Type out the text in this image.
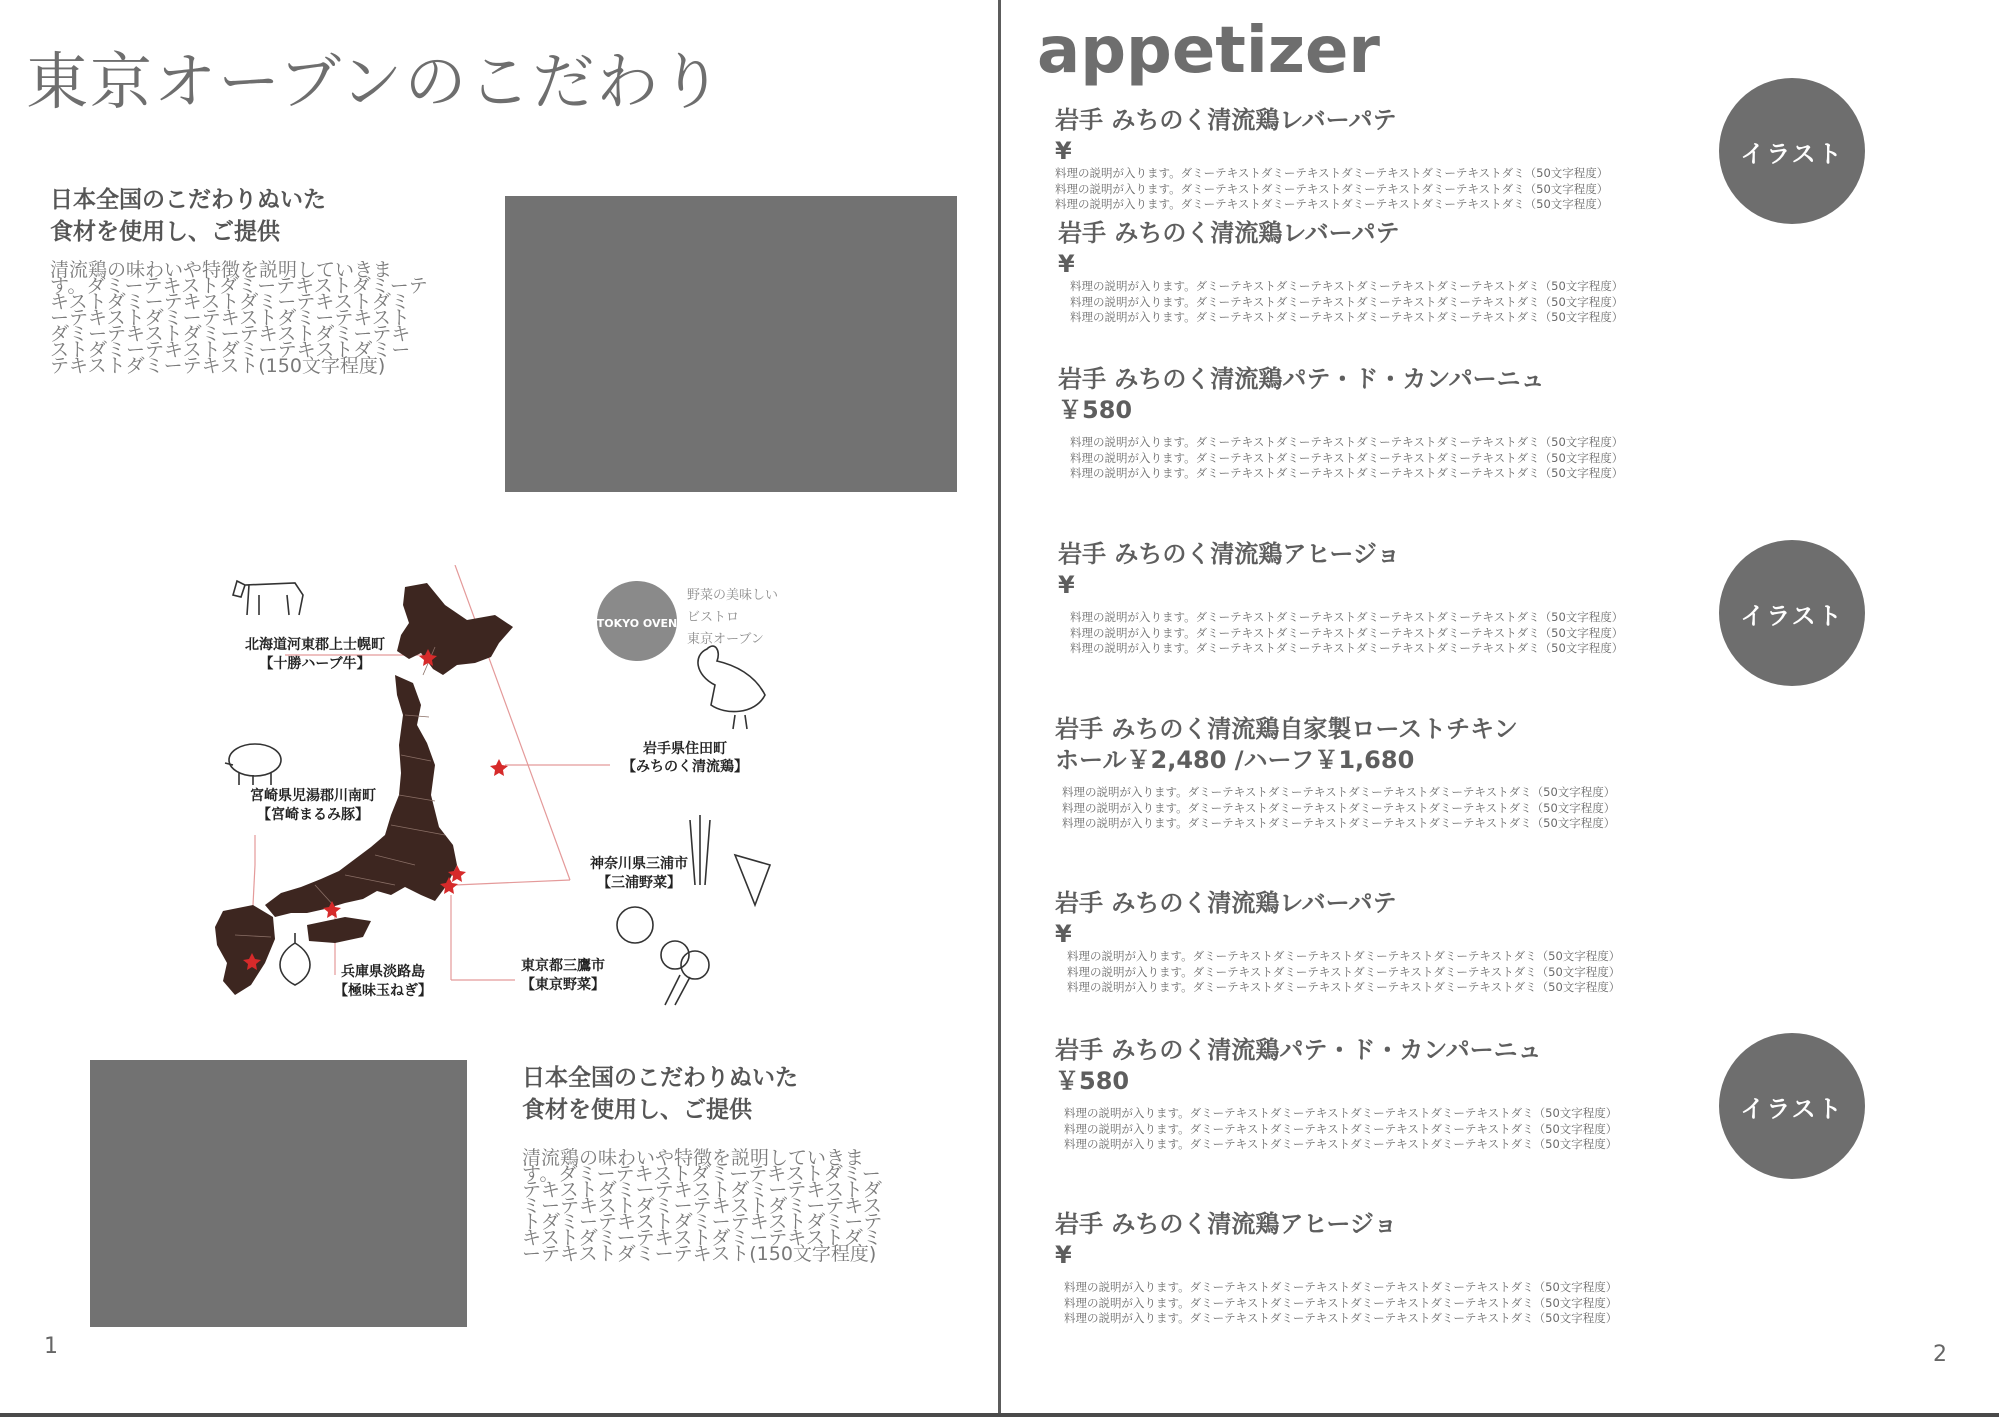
東京オーブンのこだわり
日本全国のこだわりぬいた
食材を使用し、ご提供
清流鶏の味わいや特徴を説明していきます。ダミーテキストダミーテキストダミーテキストダミーテキストダミーテキストダミーテキストダミーテキストダミーテキストダミーテキストダミーテキストダミーテキストダミーテキストダミーテキストダミーテキストダミーテキスト(150文字程度)
TOKYO OVEN
野菜の美味しい
ビストロ
東京オーブン
北海道河東郡上士幌町
【十勝ハーブ牛】
岩手県住田町
【みちのく清流鶏】
宮崎県児湯郡川南町
【宮崎まるみ豚】
神奈川県三浦市
【三浦野菜】
兵庫県淡路島
【極味玉ねぎ】
東京都三鷹市
【東京野菜】
日本全国のこだわりぬいた
食材を使用し、ご提供
清流鶏の味わいや特徴を説明していきます。ダミーテキストダミーテキストダミーテキストダミーテキストダミーテキストダミーテキストダミーテキストダミーテキストダミーテキストダミーテキストダミーテキストダミーテキストダミーテキストダミーテキストダミーテキスト(150文字程度)
1
appetizer
岩手 みちのく清流鶏レバーパテ
¥
料理の説明が入ります。ダミーテキストダミーテキストダミーテキストダミーテキストダミ（50文字程度）
料理の説明が入ります。ダミーテキストダミーテキストダミーテキストダミーテキストダミ（50文字程度）
料理の説明が入ります。ダミーテキストダミーテキストダミーテキストダミーテキストダミ（50文字程度）
岩手 みちのく清流鶏レバーパテ
¥
料理の説明が入ります。ダミーテキストダミーテキストダミーテキストダミーテキストダミ（50文字程度）
料理の説明が入ります。ダミーテキストダミーテキストダミーテキストダミーテキストダミ（50文字程度）
料理の説明が入ります。ダミーテキストダミーテキストダミーテキストダミーテキストダミ（50文字程度）
岩手 みちのく清流鶏パテ・ド・カンパーニュ
￥580
料理の説明が入ります。ダミーテキストダミーテキストダミーテキストダミーテキストダミ（50文字程度）
料理の説明が入ります。ダミーテキストダミーテキストダミーテキストダミーテキストダミ（50文字程度）
料理の説明が入ります。ダミーテキストダミーテキストダミーテキストダミーテキストダミ（50文字程度）
岩手 みちのく清流鶏アヒージョ
¥
料理の説明が入ります。ダミーテキストダミーテキストダミーテキストダミーテキストダミ（50文字程度）
料理の説明が入ります。ダミーテキストダミーテキストダミーテキストダミーテキストダミ（50文字程度）
料理の説明が入ります。ダミーテキストダミーテキストダミーテキストダミーテキストダミ（50文字程度）
岩手 みちのく清流鶏自家製ローストチキン
ホール￥2,480 /ハーフ￥1,680
料理の説明が入ります。ダミーテキストダミーテキストダミーテキストダミーテキストダミ（50文字程度）
料理の説明が入ります。ダミーテキストダミーテキストダミーテキストダミーテキストダミ（50文字程度）
料理の説明が入ります。ダミーテキストダミーテキストダミーテキストダミーテキストダミ（50文字程度）
岩手 みちのく清流鶏レバーパテ
¥
料理の説明が入ります。ダミーテキストダミーテキストダミーテキストダミーテキストダミ（50文字程度）
料理の説明が入ります。ダミーテキストダミーテキストダミーテキストダミーテキストダミ（50文字程度）
料理の説明が入ります。ダミーテキストダミーテキストダミーテキストダミーテキストダミ（50文字程度）
岩手 みちのく清流鶏パテ・ド・カンパーニュ
￥580
料理の説明が入ります。ダミーテキストダミーテキストダミーテキストダミーテキストダミ（50文字程度）
料理の説明が入ります。ダミーテキストダミーテキストダミーテキストダミーテキストダミ（50文字程度）
料理の説明が入ります。ダミーテキストダミーテキストダミーテキストダミーテキストダミ（50文字程度）
岩手 みちのく清流鶏アヒージョ
¥
料理の説明が入ります。ダミーテキストダミーテキストダミーテキストダミーテキストダミ（50文字程度）
料理の説明が入ります。ダミーテキストダミーテキストダミーテキストダミーテキストダミ（50文字程度）
料理の説明が入ります。ダミーテキストダミーテキストダミーテキストダミーテキストダミ（50文字程度）
イラスト
イラスト
イラスト
2
